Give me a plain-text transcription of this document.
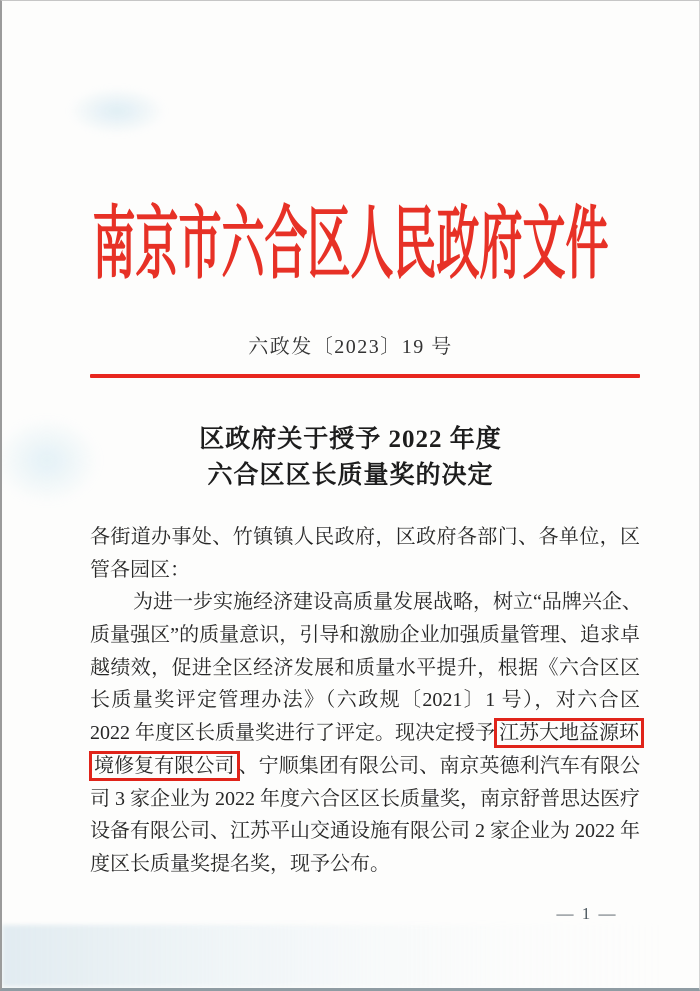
南京市六合区人民政府文件
六政发〔2023〕19 号
区政府关于授予 2022 年度
六合区区长质量奖的决定
各街道办事处、竹镇镇人民政府，区政府各部门、各单位，区
管各园区：
为进一步实施经济建设高质量发展战略，树立“品牌兴企、
质量强区”的质量意识，引导和激励企业加强质量管理、追求卓
越绩效，促进全区经济发展和质量水平提升，根据《六合区区
长质量奖评定管理办法》（六政规〔2021〕1 号），对六合区
2022 年度区长质量奖进行了评定。现决定授予 江苏大地益源环
境修复有限公司 、宁顺集团有限公司、南京英德利汽车有限公
司 3 家企业为 2022 年度六合区区长质量奖，南京舒普思达医疗
设备有限公司、江苏平山交通设施有限公司 2 家企业为 2022 年
度区长质量奖提名奖，现予公布。
— 1 —
